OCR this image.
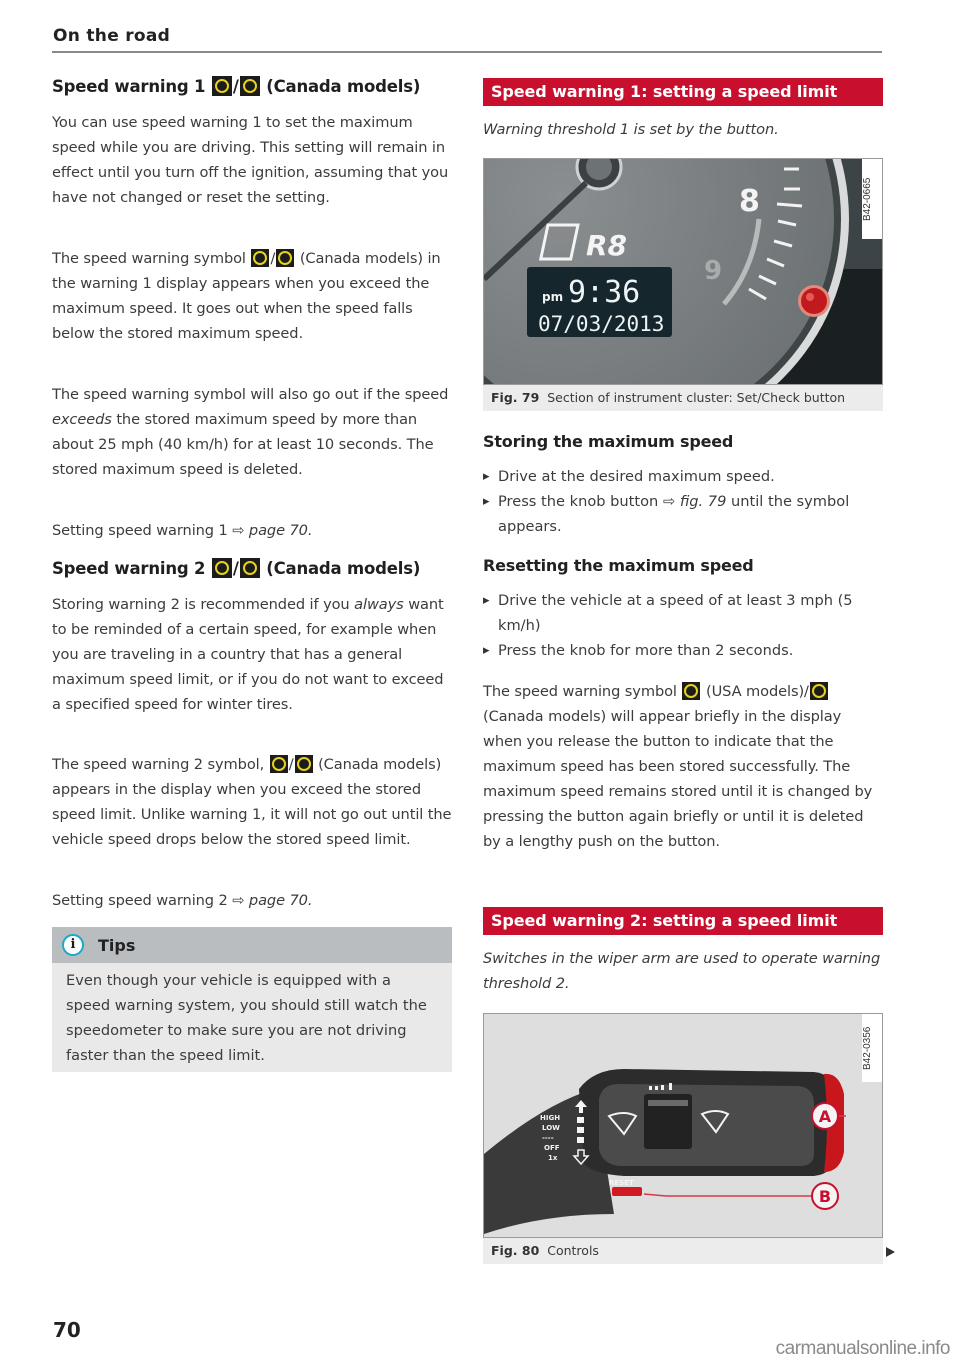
On the road
Speed warning 1 / (Canada models)

You can use speed warning 1 to set the maximum speed while you are driving. This setting will remain in effect until you turn off the ignition, assuming that you have not changed or reset the setting.

The speed warning symbol / (Canada models) in the warning 1 display appears when you exceed the maximum speed. It goes out when the speed falls below the stored maximum speed.

The speed warning symbol will also go out if the speed exceeds the stored maximum speed by more than about 25 mph (40 km/h) for at least 10 seconds. The stored maximum speed is deleted.

Setting speed warning 1 ⇨ page 70.

Speed warning 2 / (Canada models)

Storing warning 2 is recommended if you always want to be reminded of a certain speed, for example when you are traveling in a country that has a general maximum speed limit, or if you do not want to exceed a specified speed for winter tires.

The speed warning 2 symbol, / (Canada models) appears in the display when you exceed the stored speed limit. Unlike warning 1, it will not go out until the vehicle speed drops below the stored speed limit.

Setting speed warning 2 ⇨ page 70.

i	Tips
Even though your vehicle is equipped with a speed warning system, you should still watch the speedometer to make sure you are not driving faster than the speed limit.
Speed warning 1: setting a speed limit

Warning threshold 1 is set by the button.

8
9
R8
pm 9:36
07/03/2013
B42-0665
Fig. 79 Section of instrument cluster: Set/Check button
Storing the maximum speed
▸ Drive at the desired maximum speed.
▸ Press the knob button ⇨ fig. 79 until the symbol appears.
Resetting the maximum speed
▸ Drive the vehicle at a speed of at least 3 mph (5 km/h)
▸ Press the knob for more than 2 seconds.

The speed warning symbol (USA models)/ (Canada models) will appear briefly in the display when you release the button to indicate that the maximum speed has been stored successfully. The maximum speed remains stored until it is changed by pressing the button again briefly or until it is deleted by a lengthy push on the button.

Speed warning 2: setting a speed limit

Switches in the wiper arm are used to operate warning threshold 2.

HIGH
LOW
----
OFF
1x
RESET
A
B
B42-0356
Fig. 80 Controls
70
carmanualsonline.info
